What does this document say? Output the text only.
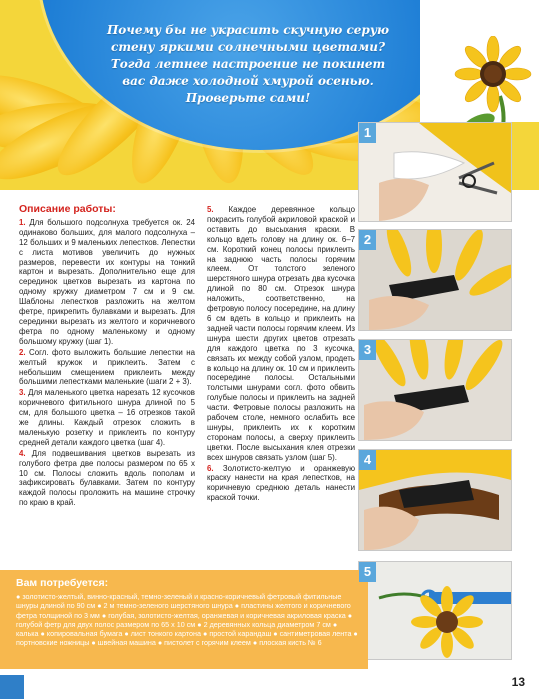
Почему бы не украсить скучную серую
стену яркими солнечными цветами?
Тогда летнее настроение не покинет
вас даже холодной хмурой осенью.
Проверьте сами!
Описание работы:

1. Для большого подсолнуха требуется ок. 24 одинаково больших, для малого подсолнуха – 12 больших и 9 маленьких лепестков. Лепестки с листа мотивов увеличить до нужных размеров, перевести их контуры на тонкий картон и вырезать. Дополнительно еще для серединок цветков вырезать из картона по одному кружку диаметром 7 см и 9 см. Шаблоны лепестков разложить на желтом фетре, прикрепить булавками и вырезать. Для серединки вырезать из желтого и коричневого фетра по одному маленькому и одному большому кружку (шаг 1).

2. Согл. фото выложить большие лепестки на желтый кружок и приклеить. Затем с небольшим смещением приклеить между большими лепестками маленькие (шаги 2 + 3).

3. Для маленького цветка нарезать 12 кусочков коричневого фитильного шнура длиной по 5 см, для большого цветка – 16 отрезков такой же длины. Каждый отрезок сложить в маленькую розетку и приклеить по контуру средней детали каждого цветка (шаг 4).

4. Для подвешивания цветков вырезать из голубого фетра две полосы размером по 65 х 10 см. Полосы сложить вдоль пополам и зафиксировать булавками. Затем по контуру каждой полосы проложить на машине строчку по краю в край.

5. Каждое деревянное кольцо покрасить голубой акриловой краской и оставить до высыхания краски. В кольцо вдеть голову на длину ок. 6–7 см. Короткий конец полосы приклеить на заднюю часть полосы горячим клеем. От толстого зеленого шерстяного шнура отрезать два кусочка длиной по 80 см. Отрезок шнура наложить, соответственно, на фетровую полосу посередине, на длину 6 см вдеть в кольцо и приклеить на задней части полосы горячим клеем. Из шнура шести других цветов отрезать для каждого цветка по 3 кусочка, связать их между собой узлом, продеть в кольцо на длину ок. 10 см и приклеить посередине полосы. Остальными толстыми шнурами согл. фото обвить голубые полосы и приклеить на задней части. Фетровые полосы разложить на рабочем столе, немного ослабить все шнуры, приклеить их к коротким сторонам полосы, а сверху приклеить цветки. После высыхания клея отрезки всех шнуров связать узлом (шаг 5).

6. Золотисто-желтую и оранжевую краску нанести на края лепестков, на коричневую среднюю деталь нанести краской точки.

1
2
3
4
5
Вам потребуется:
● золотисто-желтый, винно-красный, темно-зеленый и красно-коричневый фетровый фитильные шнуры длиной по 90 см ● 2 м темно-зеленого шерстяного шнура ● пластины желтого и коричневого фетра толщиной по 3 мм ● голубая, золотисто-желтая, оранжевая и коричневая акриловая краска ● голубой фетр для двух полос размером по 65 х 10 см ● 2 деревянных кольца диаметром 7 см ● калька ● копировальная бумага ● лист тонкого картона ● простой карандаш ● сантиметровая лента ● портновские ножницы ● швейная машина ● пистолет с горячим клеем ● плоская кисть № 6
13
